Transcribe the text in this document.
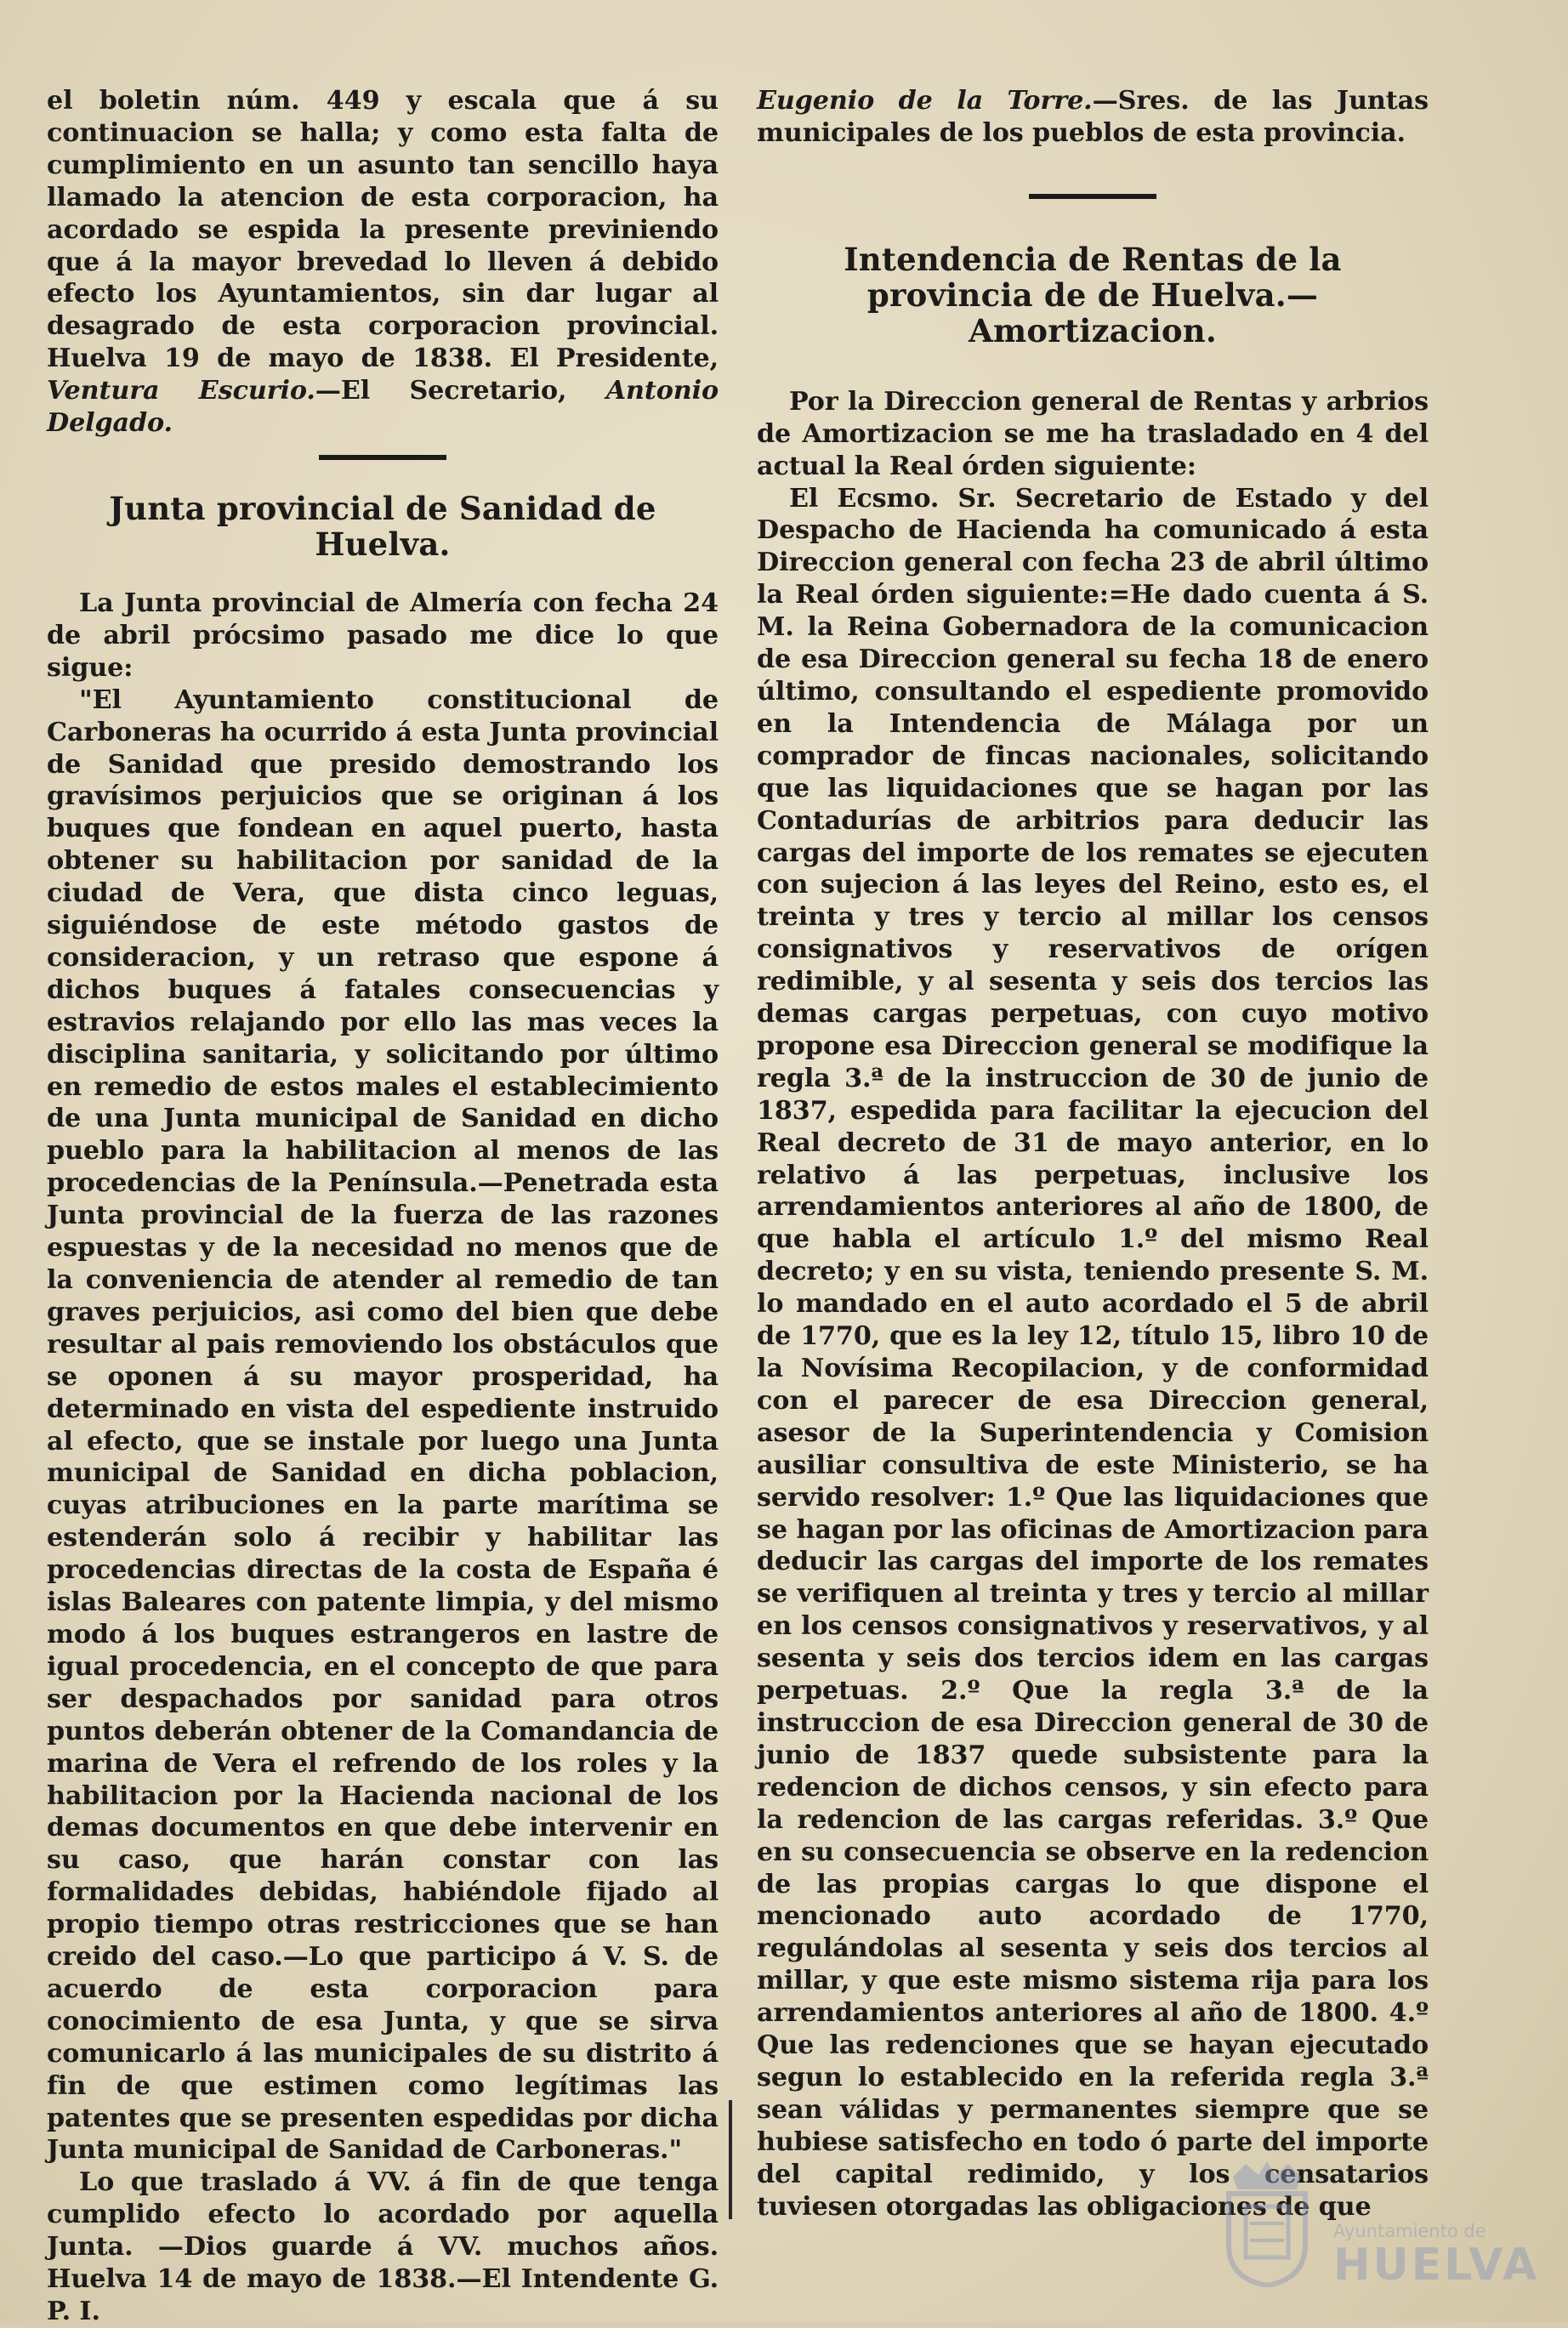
el boletin núm. 449 y escala que á su continuacion se halla; y como esta falta de cumplimiento en un asunto tan sencillo haya llamado la atencion de esta corporacion, ha acordado se espida la presente previniendo que á la mayor brevedad lo lleven á debido efecto los Ayuntamientos, sin dar lugar al desagrado de esta corporacion provincial. Huelva 19 de mayo de 1838. El Presidente, Ventura Escurio.—El Secretario, Antonio Delgado.

Junta provincial de Sanidad de Huelva.

La Junta provincial de Almería con fecha 24 de abril prócsimo pasado me dice lo que sigue:

"El Ayuntamiento constitucional de Carboneras ha ocurrido á esta Junta provincial de Sanidad que presido demostrando los gravísimos perjuicios que se originan á los buques que fondean en aquel puerto, hasta obtener su habilitacion por sanidad de la ciudad de Vera, que dista cinco leguas, siguiéndose de este método gastos de consideracion, y un retraso que espone á dichos buques á fatales consecuencias y estravios relajando por ello las mas veces la disciplina sanitaria, y solicitando por último en remedio de estos males el establecimiento de una Junta municipal de Sanidad en dicho pueblo para la habilitacion al menos de las procedencias de la Península.—Penetrada esta Junta provincial de la fuerza de las razones espuestas y de la necesidad no menos que de la conveniencia de atender al remedio de tan graves perjuicios, asi como del bien que debe resultar al pais removiendo los obstáculos que se oponen á su mayor prosperidad, ha determinado en vista del espediente instruido al efecto, que se instale por luego una Junta municipal de Sanidad en dicha poblacion, cuyas atribuciones en la parte marítima se estenderán solo á recibir y habilitar las procedencias directas de la costa de España é islas Baleares con patente limpia, y del mismo modo á los buques estrangeros en lastre de igual procedencia, en el concepto de que para ser despachados por sanidad para otros puntos deberán obtener de la Comandancia de marina de Vera el refrendo de los roles y la habilitacion por la Hacienda nacional de los demas documentos en que debe intervenir en su caso, que harán constar con las formalidades debidas, habiéndole fijado al propio tiempo otras restricciones que se han creido del caso.—Lo que participo á V. S. de acuerdo de esta corporacion para conocimiento de esa Junta, y que se sirva comunicarlo á las municipales de su distrito á fin de que estimen como legítimas las patentes que se presenten espedidas por dicha Junta municipal de Sanidad de Carboneras."

Lo que traslado á VV. á fin de que tenga cumplido efecto lo acordado por aquella Junta. —Dios guarde á VV. muchos años. Huelva 14 de mayo de 1838.—El Intendente G. P. I.

Eugenio de la Torre.—Sres. de las Juntas municipales de los pueblos de esta provincia.

Intendencia de Rentas de la provincia de de Huelva.—Amortizacion.

Por la Direccion general de Rentas y arbrios de Amortizacion se me ha trasladado en 4 del actual la Real órden siguiente:

El Ecsmo. Sr. Secretario de Estado y del Despacho de Hacienda ha comunicado á esta Direccion general con fecha 23 de abril último la Real órden siguiente:=He dado cuenta á S. M. la Reina Gobernadora de la comunicacion de esa Direccion general su fecha 18 de enero último, consultando el espediente promovido en la Intendencia de Málaga por un comprador de fincas nacionales, solicitando que las liquidaciones que se hagan por las Contadurías de arbitrios para deducir las cargas del importe de los remates se ejecuten con sujecion á las leyes del Reino, esto es, el treinta y tres y tercio al millar los censos consignativos y reservativos de orígen redimible, y al sesenta y seis dos tercios las demas cargas perpetuas, con cuyo motivo propone esa Direccion general se modifique la regla 3.ª de la instruccion de 30 de junio de 1837, espedida para facilitar la ejecucion del Real decreto de 31 de mayo anterior, en lo relativo á las perpetuas, inclusive los arrendamientos anteriores al año de 1800, de que habla el artículo 1.º del mismo Real decreto; y en su vista, teniendo presente S. M. lo mandado en el auto acordado el 5 de abril de 1770, que es la ley 12, título 15, libro 10 de la Novísima Recopilacion, y de conformidad con el parecer de esa Direccion general, asesor de la Superintendencia y Comision ausiliar consultiva de este Ministerio, se ha servido resolver: 1.º Que las liquidaciones que se hagan por las oficinas de Amortizacion para deducir las cargas del importe de los remates se verifiquen al treinta y tres y tercio al millar en los censos consignativos y reservativos, y al sesenta y seis dos tercios idem en las cargas perpetuas. 2.º Que la regla 3.ª de la instruccion de esa Direccion general de 30 de junio de 1837 quede subsistente para la redencion de dichos censos, y sin efecto para la redencion de las cargas referidas. 3.º Que en su consecuencia se observe en la redencion de las propias cargas lo que dispone el mencionado auto acordado de 1770, regulándolas al sesenta y seis dos tercios al millar, y que este mismo sistema rija para los arrendamientos anteriores al año de 1800. 4.º Que las redenciones que se hayan ejecutado segun lo establecido en la referida regla 3.ª sean válidas y permanentes siempre que se hubiese satisfecho en todo ó parte del importe del capital redimido, y los censatarios tuviesen otorgadas las obligaciones de que

Ayuntamiento de
HUELVA
